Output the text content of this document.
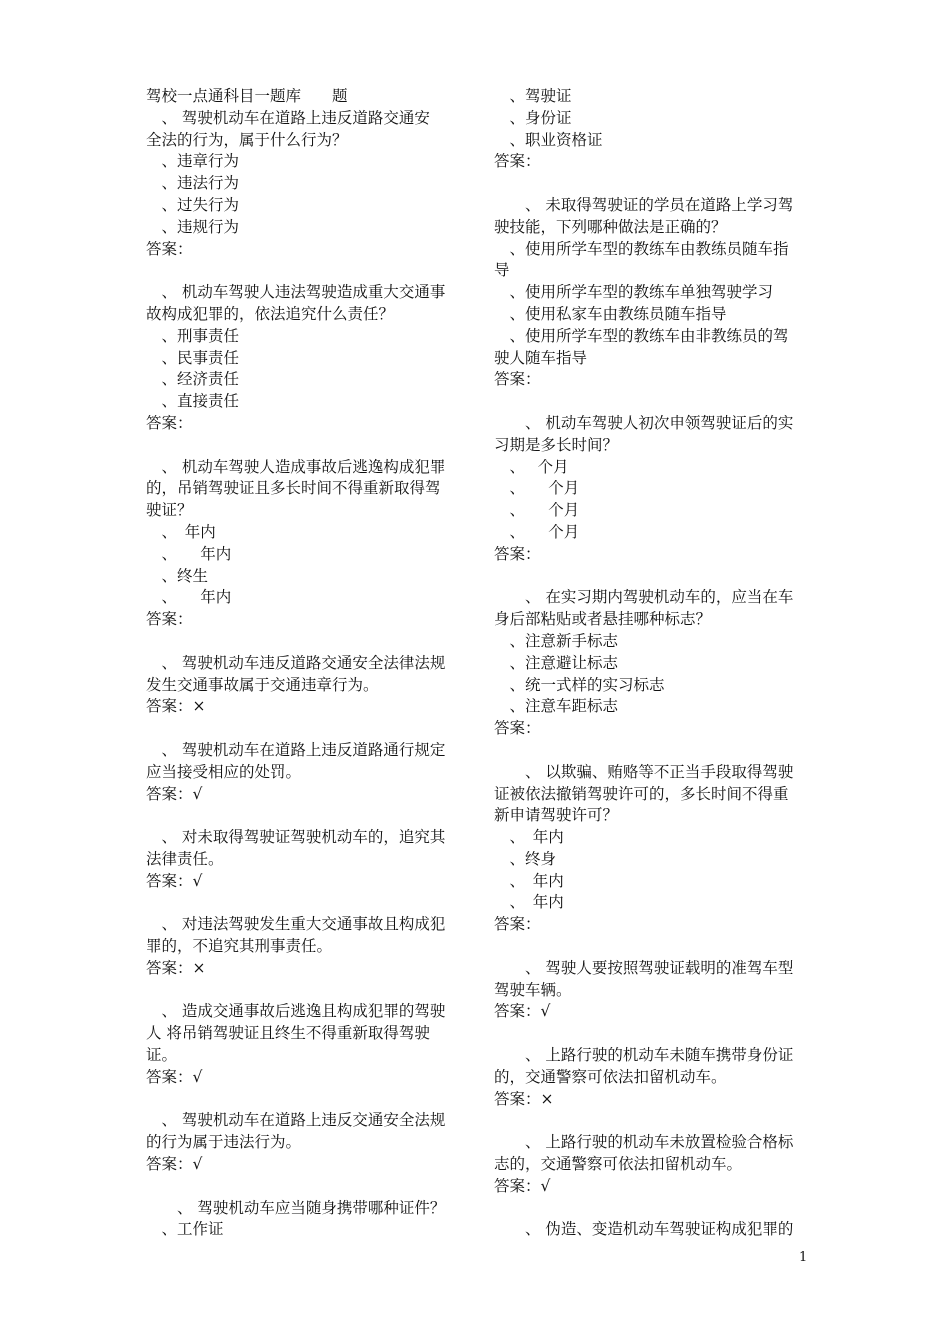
驾校一点通科目一题库　　题
　、 驾驶机动车在道路上违反道路交通安
全法的行为，属于什么行为？
　、违章行为
　、违法行为
　、过失行为
　、违规行为
答案：
　、 机动车驾驶人违法驾驶造成重大交通事
故构成犯罪的，依法追究什么责任？
　、刑事责任
　、民事责任
　、经济责任
　、直接责任
答案：
　、 机动车驾驶人造成事故后逃逸构成犯罪
的，吊销驾驶证且多长时间不得重新取得驾
驶证？
　、　年内
　、　　年内
　、终生
　、　　年内
答案：
　、 驾驶机动车违反道路交通安全法律法规
发生交通事故属于交通违章行为。
答案：×
　、 驾驶机动车在道路上违反道路通行规定
应当接受相应的处罚。
答案：√
　、 对未取得驾驶证驾驶机动车的，追究其
法律责任。
答案：√
　、 对违法驾驶发生重大交通事故且构成犯
罪的，不追究其刑事责任。
答案：×
　、 造成交通事故后逃逸且构成犯罪的驾驶
人 将吊销驾驶证且终生不得重新取得驾驶
证。
答案：√
　、 驾驶机动车在道路上违反交通安全法规
的行为属于违法行为。
答案：√
　　、 驾驶机动车应当随身携带哪种证件？
　、工作证
　、驾驶证
　、身份证
　、职业资格证
答案：
　　、 未取得驾驶证的学员在道路上学习驾
驶技能，下列哪种做法是正确的？
　、使用所学车型的教练车由教练员随车指
导
　、使用所学车型的教练车单独驾驶学习
　、使用私家车由教练员随车指导
　、使用所学车型的教练车由非教练员的驾
驶人随车指导
答案：
　　、 机动车驾驶人初次申领驾驶证后的实
习期是多长时间？
　、　 个月
　、　　个月
　、　　个月
　、　　个月
答案：
　　、 在实习期内驾驶机动车的，应当在车
身后部粘贴或者悬挂哪种标志？
　、注意新手标志
　、注意避让标志
　、统一式样的实习标志
　、注意车距标志
答案：
　　、 以欺骗、贿赂等不正当手段取得驾驶
证被依法撤销驾驶许可的，多长时间不得重
新申请驾驶许可？
　、　年内
　、终身
　、　年内
　、　年内
答案：
　　、 驾驶人要按照驾驶证载明的准驾车型
驾驶车辆。
答案：√
　　、 上路行驶的机动车未随车携带身份证
的，交通警察可依法扣留机动车。
答案：×
　　、 上路行驶的机动车未放置检验合格标
志的，交通警察可依法扣留机动车。
答案：√
　　、 伪造、变造机动车驾驶证构成犯罪的
1
